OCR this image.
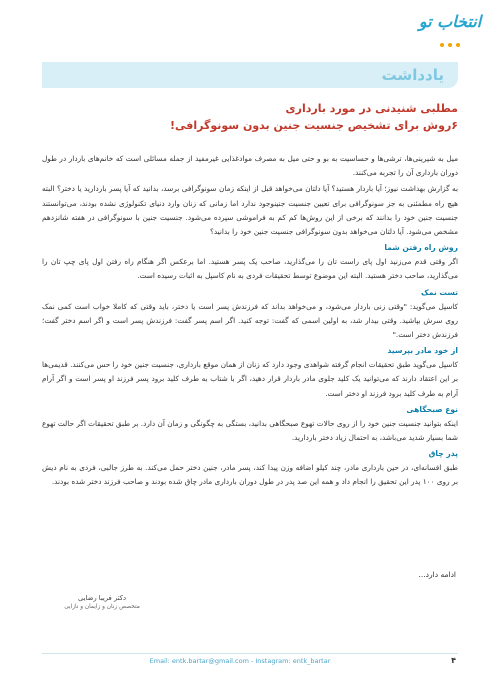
انتخاب تو
یادداشت
مطلبی شنیدنی در مورد بارداری
۶روش برای تشخیص جنسیت جنین بدون سونوگرافی!

میل به شیرینی‌ها، ترشی‌ها و حساسیت به بو و حتی میل به مصرف موادغذایی غیرمفید از جمله مسائلی است که خانم‌های باردار در طول دوران بارداری آن را تجربه می‌کنند.

به گزارش بهداشت نیوز؛ آیا باردار هستید؟ آیا دلتان می‌خواهد قبل از اینکه زمان سونوگرافی برسد، بدانید که آیا پسر باردارید یا دختر؟ البته هیچ راه مطمئنی به جز سونوگرافی برای تعیین جنسیت جنینوجود ندارد اما زمانی که زنان وارد دنیای تکنولوژی نشده بودند، می‌توانستند جنسیت جنین خود را بدانند که برخی از این روش‌ها کم کم به فراموشی سپرده می‌شود. جنسیت جنین با سونوگرافی در هفته شانزدهم مشخص می‌شود. آیا دلتان می‌خواهد بدون سونوگرافی جنسیت جنین خود را بدانید؟

روش راه رفتن شما

اگر وقتی قدم می‌زنید اول پای راست تان را می‌گذارید، صاحب یک پسر هستید. اما برعکس اگر هنگام راه رفتن اول پای چپ تان را می‌گذارید، صاحب دختر هستید. البته این موضوع توسط تحقیقات فردی به نام کاسپل به اثبات رسیده است.

تست نمک

کاسپل می‌گوید: "وقتی زنی باردار می‌شود، و می‌خواهد بداند که فرزندش پسر است یا دختر، باید وقتی که کاملا خواب است کمی نمک روی سرش بپاشید. وقتی بیدار شد، به اولین اسمی که گفت: توجه کنید. اگر اسم پسر گفت: فرزندش پسر است و اگر اسم دختر گفت؛ فرزندش دختر است."

از خود مادر بپرسید

کاسپل می‌گوید طبق تحقیقات انجام گرفته شواهدی وجود دارد که زنان از همان موقع بارداری، جنسیت جنین خود را حس می‌کنند. قدیمی‌ها بر این اعتقاد دارند که می‌توانید یک کلید جلوی مادر باردار قرار دهید، اگر با شتاب به طرف کلید برود پسر فرزند او پسر است و اگر آرام آرام به طرف کلید برود فرزند او دختر است.

نوع صبحگاهی

اینکه بتوانید جنسیت جنین خود را از روی حالات تهوع صبحگاهی بدانید، بستگی به چگونگی و زمان آن دارد. بر طبق تحقیقات اگر حالت تهوع شما بسیار شدید می‌باشد، به احتمال زیاد دختر باردارید.

پدر چاق

طبق افسانه‌ای، در حین بارداری مادر، چند کیلو اضافه وزن پیدا کند، پسر مادر، جنین دختر حمل می‌کند. به طرز جالبی، فردی به نام دیش بر روی ۱۰۰ پدر این تحقیق را انجام داد و همه این صد پدر در طول دوران بارداری مادر چاق شده بودند و صاحب فرزند دختر شده بودند.

ادامه دارد...
دکتر فریبا رضایی
متخصص زنان و زایمان و نازایی
Email: entk.bartar@gmail.com - Instagram: entk_bartar	۴
